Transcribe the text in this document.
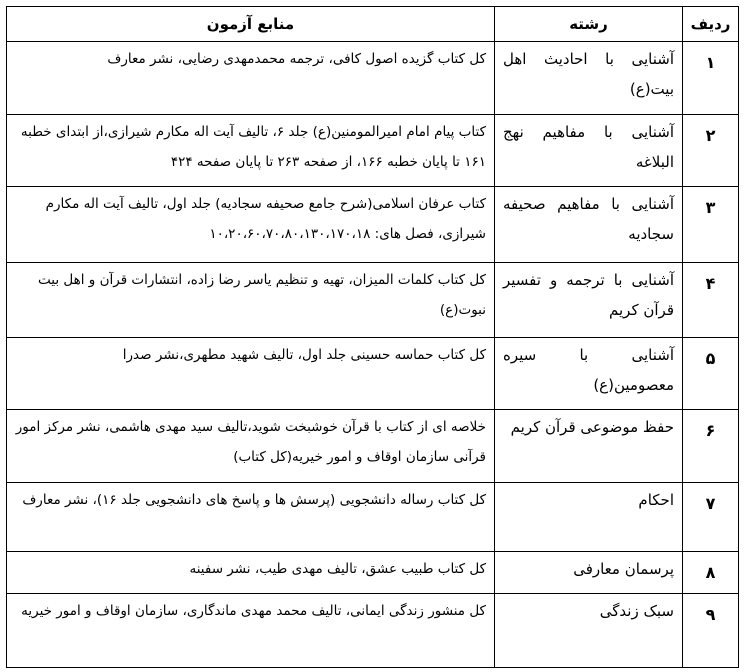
ردیف	رشته	منابع آزمون
۱	آشنایی با احادیث اهل بیت(ع)	کل کتاب گزیده اصول کافی، ترجمه محمدمهدی رضایی، نشر معارف
۲	آشنایی با مفاهیم نهج البلاغه	کتاب پیام امام امیرالمومنین(ع) جلد ۶، تالیف آیت اله مکارم شیرازی،از ابتدای خطبه ۱۶۱ تا پایان خطبه ۱۶۶، از صفحه ۲۶۳ تا پایان صفحه ۴۲۴
۳	آشنایی با مفاهیم صحیفه سجادیه	کتاب عرفان اسلامی(شرح جامع صحیفه سجادیه) جلد اول، تالیف آیت اله مکارم شیرازی، فصل های: ۱۰،۲۰،۶۰،۷۰،۸۰،۱۳۰،۱۷۰،۱۸
۴	آشنایی با ترجمه و تفسیر قرآن کریم	کل کتاب کلمات المیزان، تهیه و تنظیم یاسر رضا زاده، انتشارات قرآن و اهل بیت نبوت(ع)
۵	آشنایی با سیره معصومین(ع)	کل کتاب حماسه حسینی جلد اول، تالیف شهید مطهری،نشر صدرا
۶	حفظ موضوعی قرآن کریم	خلاصه ای از کتاب با قرآن خوشبخت شوید،تالیف سید مهدی هاشمی، نشر مرکز امور قرآنی سازمان اوقاف و امور خیریه(کل کتاب)
۷	احکام	کل کتاب رساله دانشجویی (پرسش ها و پاسخ های دانشجویی جلد ۱۶)، نشر معارف
۸	پرسمان معارفی	کل کتاب طبیب عشق، تالیف مهدی طیب، نشر سفینه
۹	سبک زندگی	کل منشور زندگی ایمانی، تالیف محمد مهدی ماندگاری، سازمان اوقاف و امور خیریه
